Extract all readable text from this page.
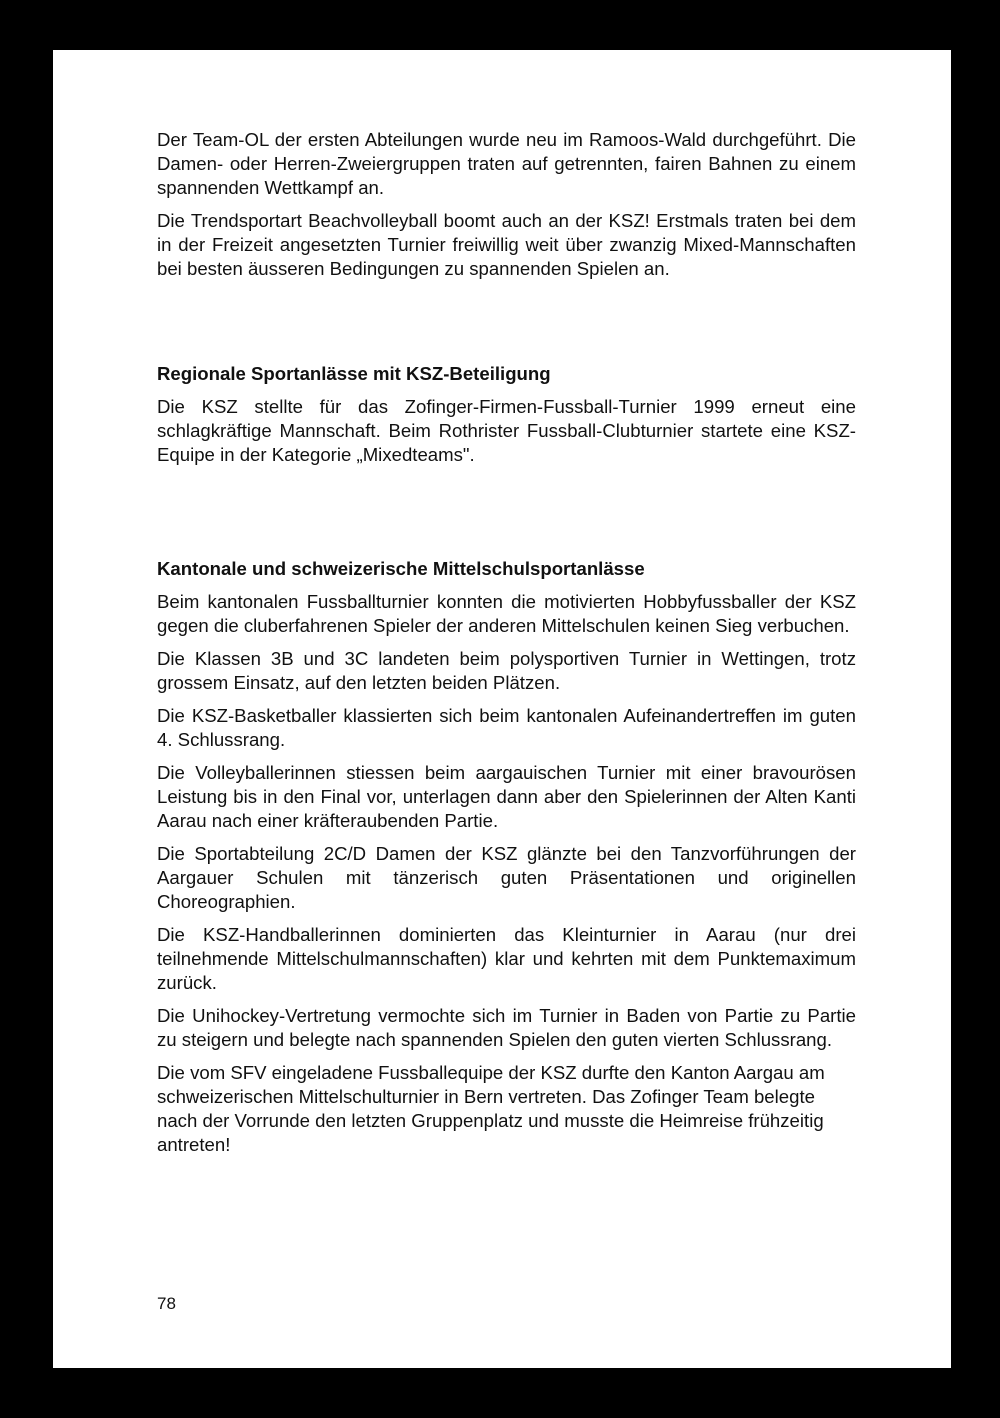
Der Team-OL der ersten Abteilungen wurde neu im Ramoos-Wald durchgeführt. Die Damen- oder Herren-Zweiergruppen traten auf getrennten, fairen Bahnen zu einem spannenden Wettkampf an.

Die Trendsportart Beachvolleyball boomt auch an der KSZ! Erstmals traten bei dem in der Freizeit angesetzten Turnier freiwillig weit über zwanzig Mixed-Mannschaften bei besten äusseren Bedingungen zu spannenden Spielen an.

Regionale Sportanlässe mit KSZ-Beteiligung

Die KSZ stellte für das Zofinger-Firmen-Fussball-Turnier 1999 erneut eine schlagkräftige Mannschaft. Beim Rothrister Fussball-Clubturnier startete eine KSZ-Equipe in der Kategorie „Mixedteams".

Kantonale und schweizerische Mittelschulsportanlässe

Beim kantonalen Fussballturnier konnten die motivierten Hobbyfussballer der KSZ gegen die cluberfahrenen Spieler der anderen Mittelschulen keinen Sieg verbuchen.

Die Klassen 3B und 3C landeten beim polysportiven Turnier in Wettingen, trotz grossem Einsatz, auf den letzten beiden Plätzen.

Die KSZ-Basketballer klassierten sich beim kantonalen Aufeinandertreffen im guten 4. Schlussrang.

Die Volleyballerinnen stiessen beim aargauischen Turnier mit einer bravourösen Leistung bis in den Final vor, unterlagen dann aber den Spielerinnen der Alten Kanti Aarau nach einer kräfteraubenden Partie.

Die Sportabteilung 2C/D Damen der KSZ glänzte bei den Tanzvorführungen der Aargauer Schulen mit tänzerisch guten Präsentationen und originellen Choreographien.

Die KSZ-Handballerinnen dominierten das Kleinturnier in Aarau (nur drei teilnehmende Mittelschulmannschaften) klar und kehrten mit dem Punktemaximum zurück.

Die Unihockey-Vertretung vermochte sich im Turnier in Baden von Partie zu Partie zu steigern und belegte nach spannenden Spielen den guten vierten Schlussrang.

Die vom SFV eingeladene Fussballequipe der KSZ durfte den Kanton Aargau am schweizerischen Mittelschulturnier in Bern vertreten. Das Zofinger Team belegte nach der Vorrunde den letzten Gruppenplatz und musste die Heimreise frühzeitig antreten!

78
